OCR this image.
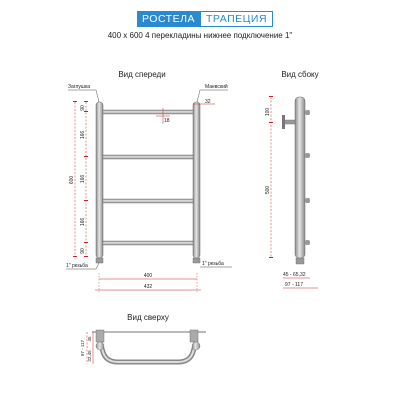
РОСТЕЛА	ТРАПЕЦИЯ
400 x 600 4 перекладины нижнее подключение 1"
Вид спереди
90
166
166
166
90
600
Заглушка	Маевский
32
18
1" резьба	1" резьба
400
432
Вид сбоку
100
500
45 - 65,32
97 - 117
Вид сверху
97 - 117
45
32,45
